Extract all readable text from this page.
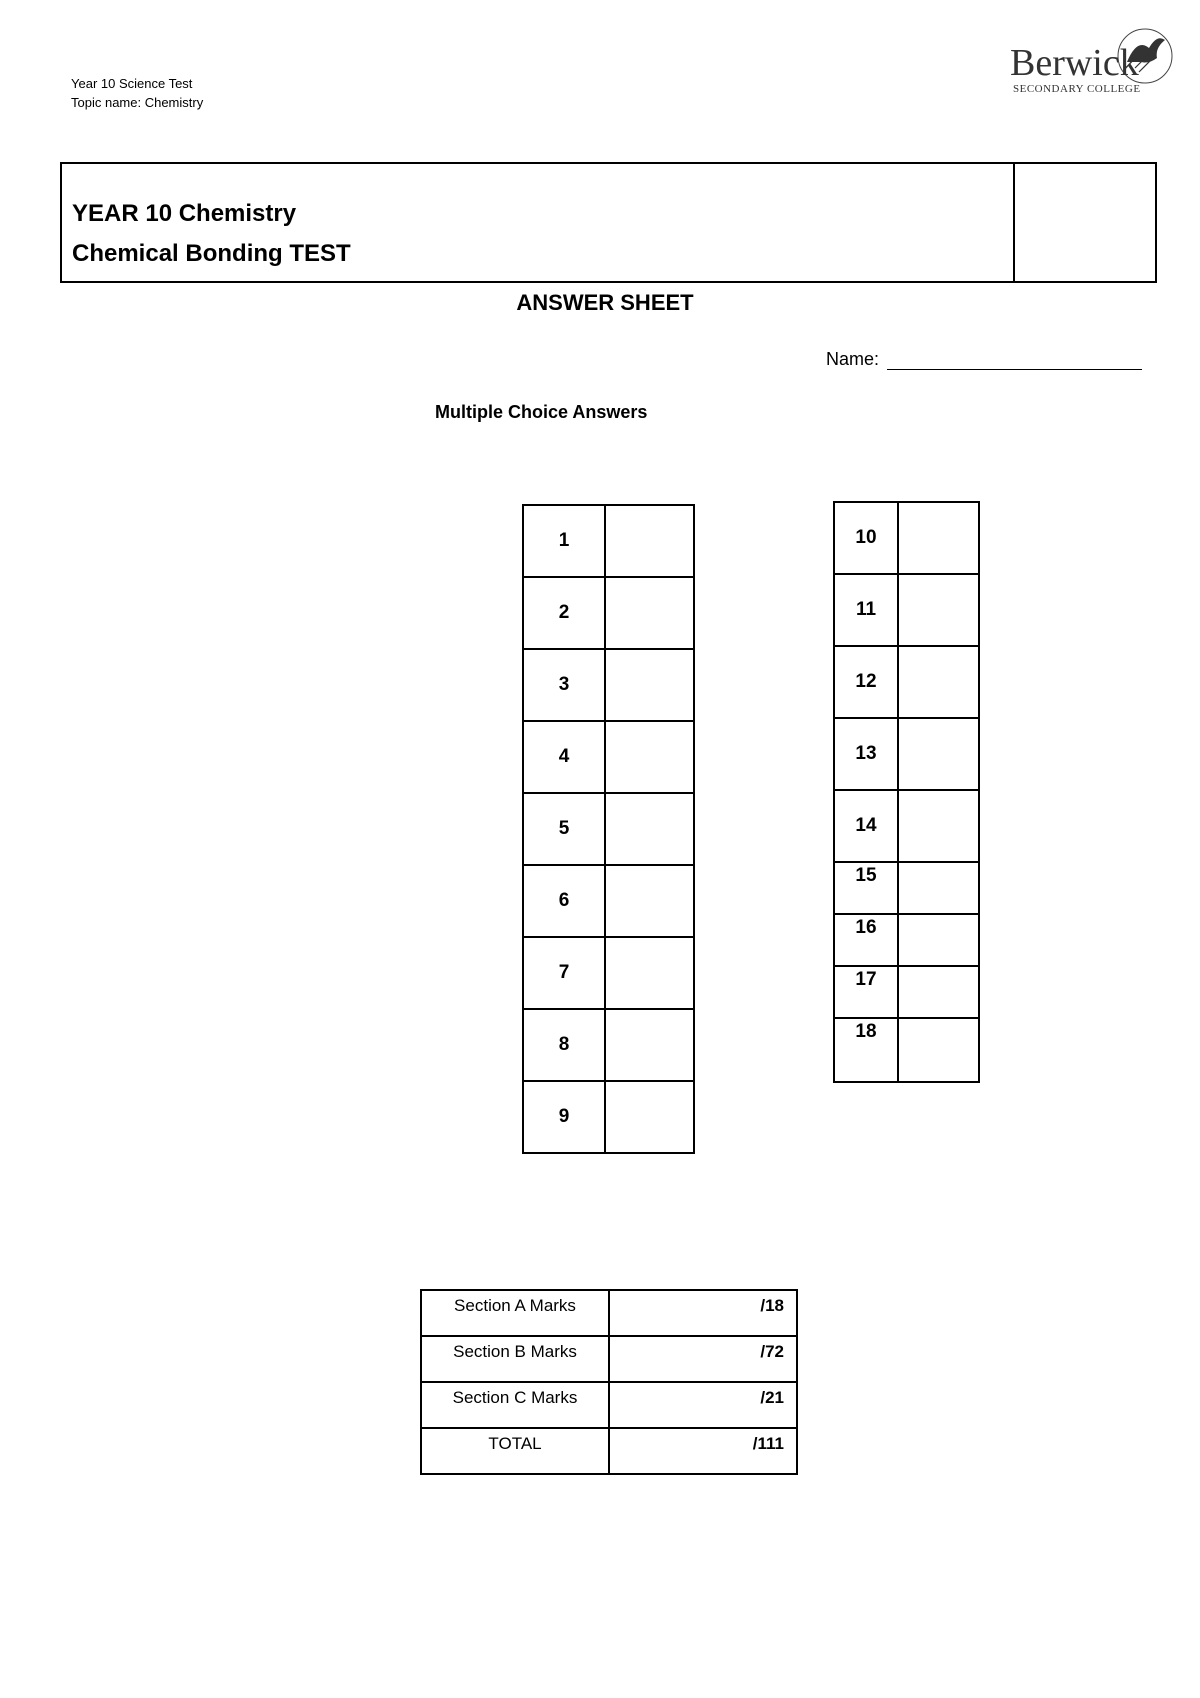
Year 10 Science Test
Topic name: Chemistry
Berwick
SECONDARY COLLEGE
YEAR 10 Chemistry
Chemical Bonding TEST
ANSWER SHEET
Name:
Multiple Choice Answers
1	
2	
3	
4	
5	
6	
7	
8	
9	
10	
11	
12	
13	
14	
15	
16	
17	
18	
Section A Marks	/18
Section B Marks	/72
Section C Marks	/21
TOTAL	/111
